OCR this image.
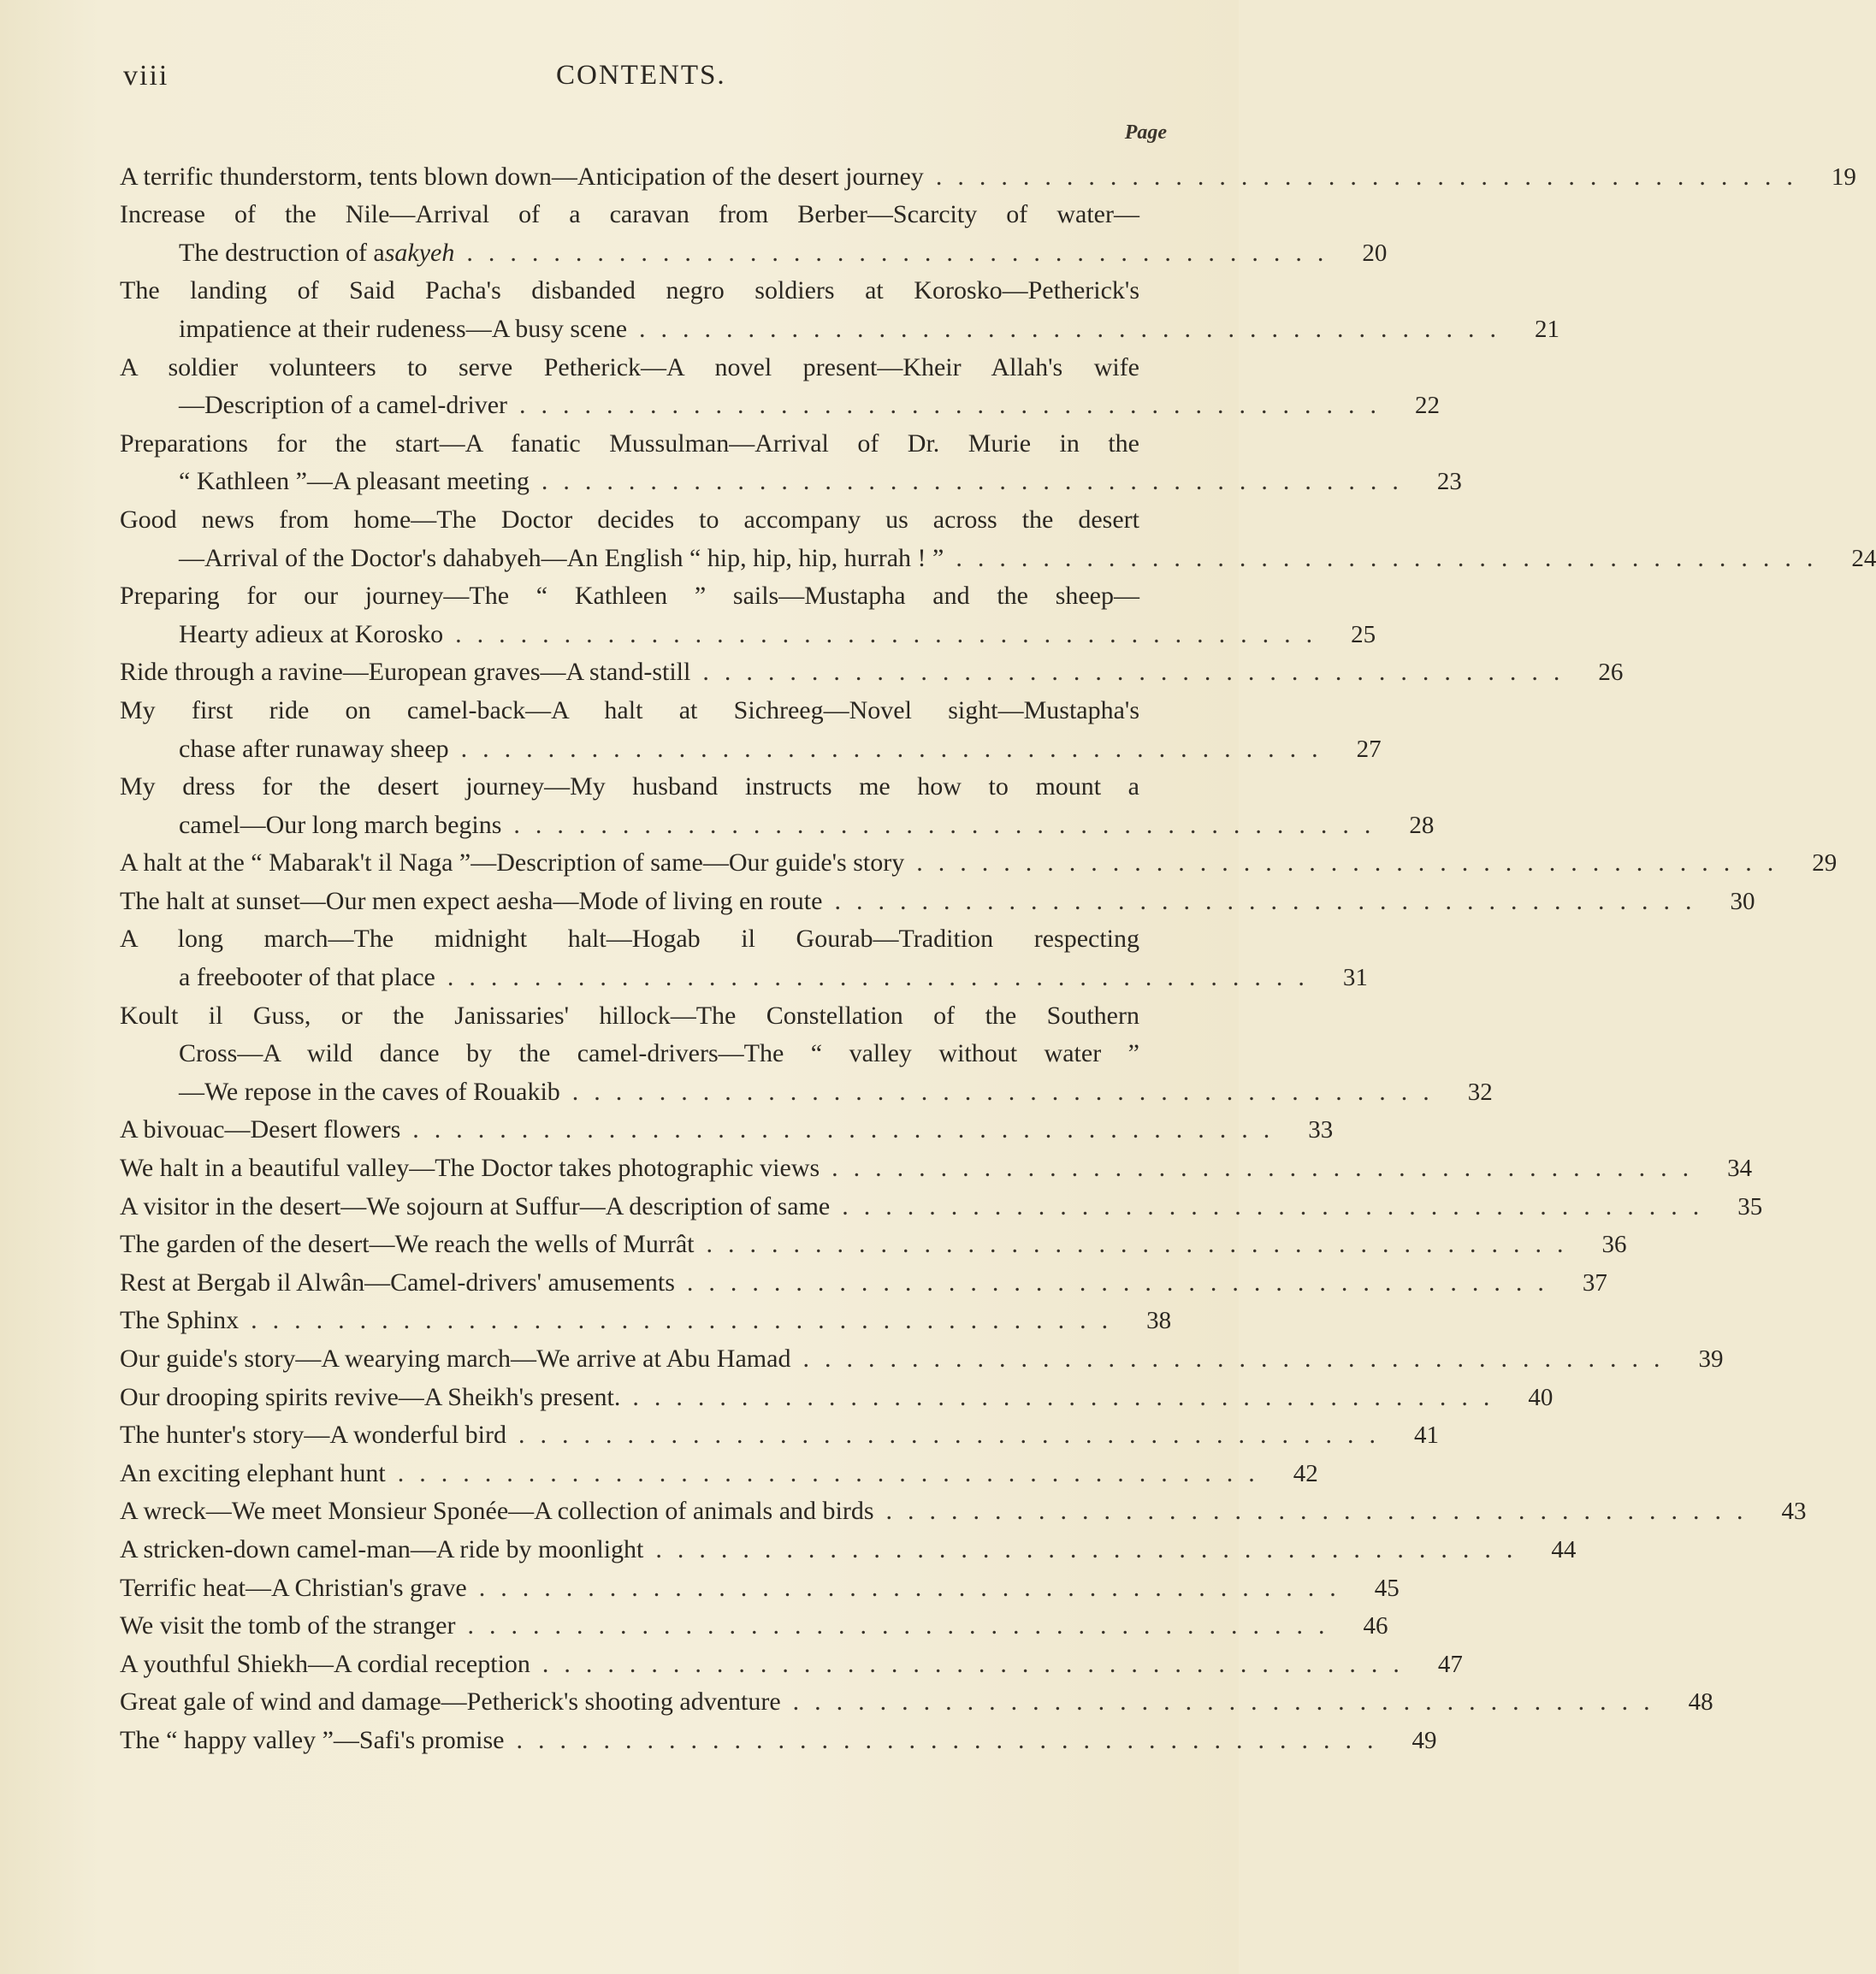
viii	CONTENTS.
Page
A terrific thunderstorm, tents blown down—Anticipation of the desert journey ........................................ 19
Increase of the Nile—Arrival of a caravan from Berber—Scarcity of water—
The destruction of a sakyeh ........................................ 20
The landing of Said Pacha's disbanded negro soldiers at Korosko—Petherick's
impatience at their rudeness—A busy scene ........................................ 21
A soldier volunteers to serve Petherick—A novel present—Kheir Allah's wife
—Description of a camel-driver ........................................ 22
Preparations for the start—A fanatic Mussulman—Arrival of Dr. Murie in the
“ Kathleen ”—A pleasant meeting ........................................ 23
Good news from home—The Doctor decides to accompany us across the desert
—Arrival of the Doctor's dahabyeh—An English “ hip, hip, hip, hurrah ! ” ........................................ 24
Preparing for our journey—The “ Kathleen ” sails—Mustapha and the sheep—
Hearty adieux at Korosko ........................................ 25
Ride through a ravine—European graves—A stand-still ........................................ 26
My first ride on camel-back—A halt at Sichreeg—Novel sight—Mustapha's
chase after runaway sheep ........................................ 27
My dress for the desert journey—My husband instructs me how to mount a
camel—Our long march begins ........................................ 28
A halt at the “ Mabarak't il Naga ”—Description of same—Our guide's story ........................................ 29
The halt at sunset—Our men expect aesha—Mode of living en route ........................................ 30
A long march—The midnight halt—Hogab il Gourab—Tradition respecting
a freebooter of that place ........................................ 31
Koult il Guss, or the Janissaries' hillock—The Constellation of the Southern
Cross—A wild dance by the camel-drivers—The “ valley without water ”
—We repose in the caves of Rouakib ........................................ 32
A bivouac—Desert flowers ........................................ 33
We halt in a beautiful valley—The Doctor takes photographic views ........................................ 34
A visitor in the desert—We sojourn at Suffur—A description of same ........................................ 35
The garden of the desert—We reach the wells of Murrât ........................................ 36
Rest at Bergab il Alwân—Camel-drivers' amusements ........................................ 37
The Sphinx ........................................ 38
Our guide's story—A wearying march—We arrive at Abu Hamad ........................................ 39
Our drooping spirits revive—A Sheikh's present. ........................................ 40
The hunter's story—A wonderful bird ........................................ 41
An exciting elephant hunt ........................................ 42
A wreck—We meet Monsieur Sponée—A collection of animals and birds ........................................ 43
A stricken-down camel-man—A ride by moonlight ........................................ 44
Terrific heat—A Christian's grave ........................................ 45
We visit the tomb of the stranger ........................................ 46
A youthful Shiekh—A cordial reception ........................................ 47
Great gale of wind and damage—Petherick's shooting adventure ........................................ 48
The “ happy valley ”—Safi's promise ........................................ 49
